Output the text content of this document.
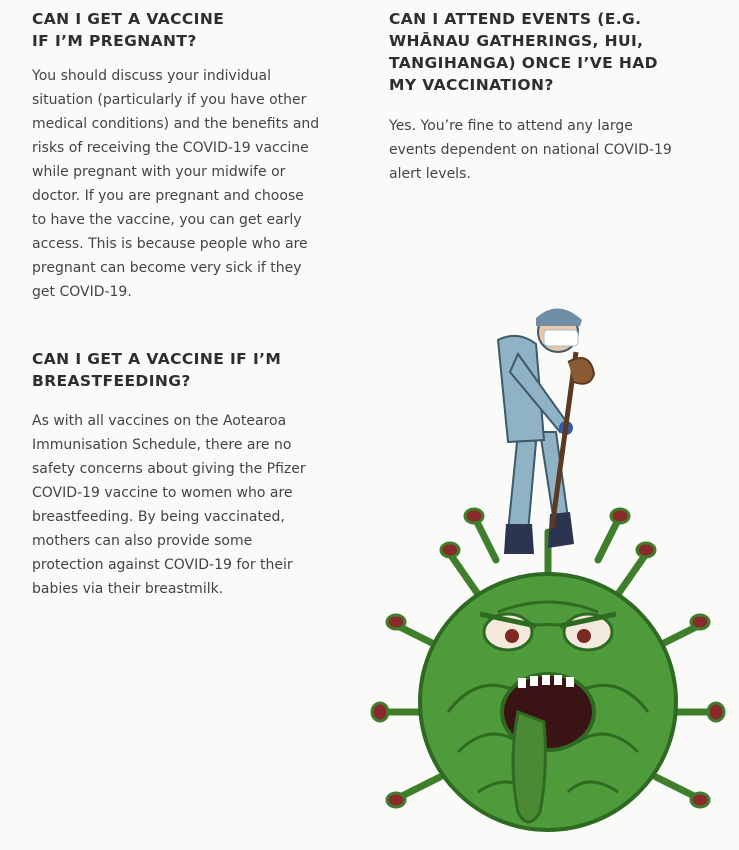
CAN I GET A VACCINE
IF I’M PREGNANT?

You should discuss your individual
situation (particularly if you have other
medical conditions) and the benefits and
risks of receiving the COVID-19 vaccine
while pregnant with your midwife or
doctor. If you are pregnant and choose
to have the vaccine, you can get early
access. This is because people who are
pregnant can become very sick if they
get COVID-19.

CAN I GET A VACCINE IF I’M
BREASTFEEDING?

As with all vaccines on the Aotearoa
Immunisation Schedule, there are no
safety concerns about giving the Pfizer
COVID-19 vaccine to women who are
breastfeeding. By being vaccinated,
mothers can also provide some
protection against COVID-19 for their
babies via their breastmilk.

CAN I ATTEND EVENTS (E.G.
WHĀNAU GATHERINGS, HUI,
TANGIHANGA) ONCE I’VE HAD
MY VACCINATION?

Yes. You’re fine to attend any large
events dependent on national COVID-19
alert levels.
